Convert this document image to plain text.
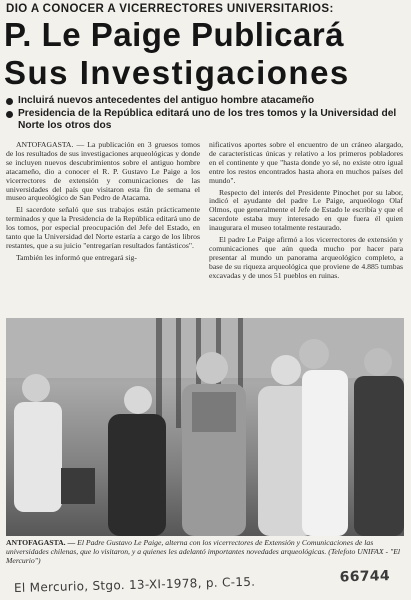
DIO A CONOCER A VICERRECTORES UNIVERSITARIOS:
P. Le Paige Publicará
Sus Investigaciones
Incluirá nuevos antecedentes del antiguo hombre atacameño
Presidencia de la República editará uno de los tres tomos y la Universidad del Norte los otros dos

ANTOFAGASTA. — La publicación en 3 gruesos tomos de los resultados de sus investigaciones arqueológicas y donde se incluyen nuevos descubrimientos sobre el antiguo hombre atacameño, dio a conocer el R. P. Gustavo Le Paige a los vicerrectores de extensión y comunicaciones de las universidades del país que visitaron esta fin de semana el museo arqueológico de San Pedro de Atacama.

El sacerdote señaló que sus trabajos están prácticamente terminados y que la Presidencia de la República editará uno de los tomos, por especial preocupación del Jefe del Estado, en tanto que la Universidad del Norte estaría a cargo de los libros restantes, que a su juicio "entregarían resultados fantásticos".

También les informó que entregará sig-

nificativos aportes sobre el encuentro de un cráneo alargado, de características únicas y relativo a los primeros pobladores en el continente y que "hasta donde yo sé, no existe otro igual entre los restos encontrados hasta ahora en muchos países del mundo".

Respecto del interés del Presidente Pinochet por su labor, indicó el ayudante del padre Le Paige, arqueólogo Olaf Olmos, que generalmente el Jefe de Estado le escribía y que el sacerdote estaba muy interesado en que fuera él quien inaugurara el museo totalmente restaurado.

El padre Le Paige afirmó a los vicerrectores de extensión y comunicaciones que aún queda mucho por hacer para presentar al mundo un panorama arqueológico completo, a base de su riqueza arqueológica que proviene de 4.885 tumbas excavadas y de unos 51 pueblos en ruinas.

ANTOFAGASTA. — El Padre Gustavo Le Paige, alterna con los vicerrectores de Extensión y Comunicaciones de las universidades chilenas, que lo visitaron, y a quienes les adelantó importantes novedades arqueológicas. (Telefoto UNIFAX - "El Mercurio")
El Mercurio, Stgo. 13-XI-1978, p. C-15.	66744
